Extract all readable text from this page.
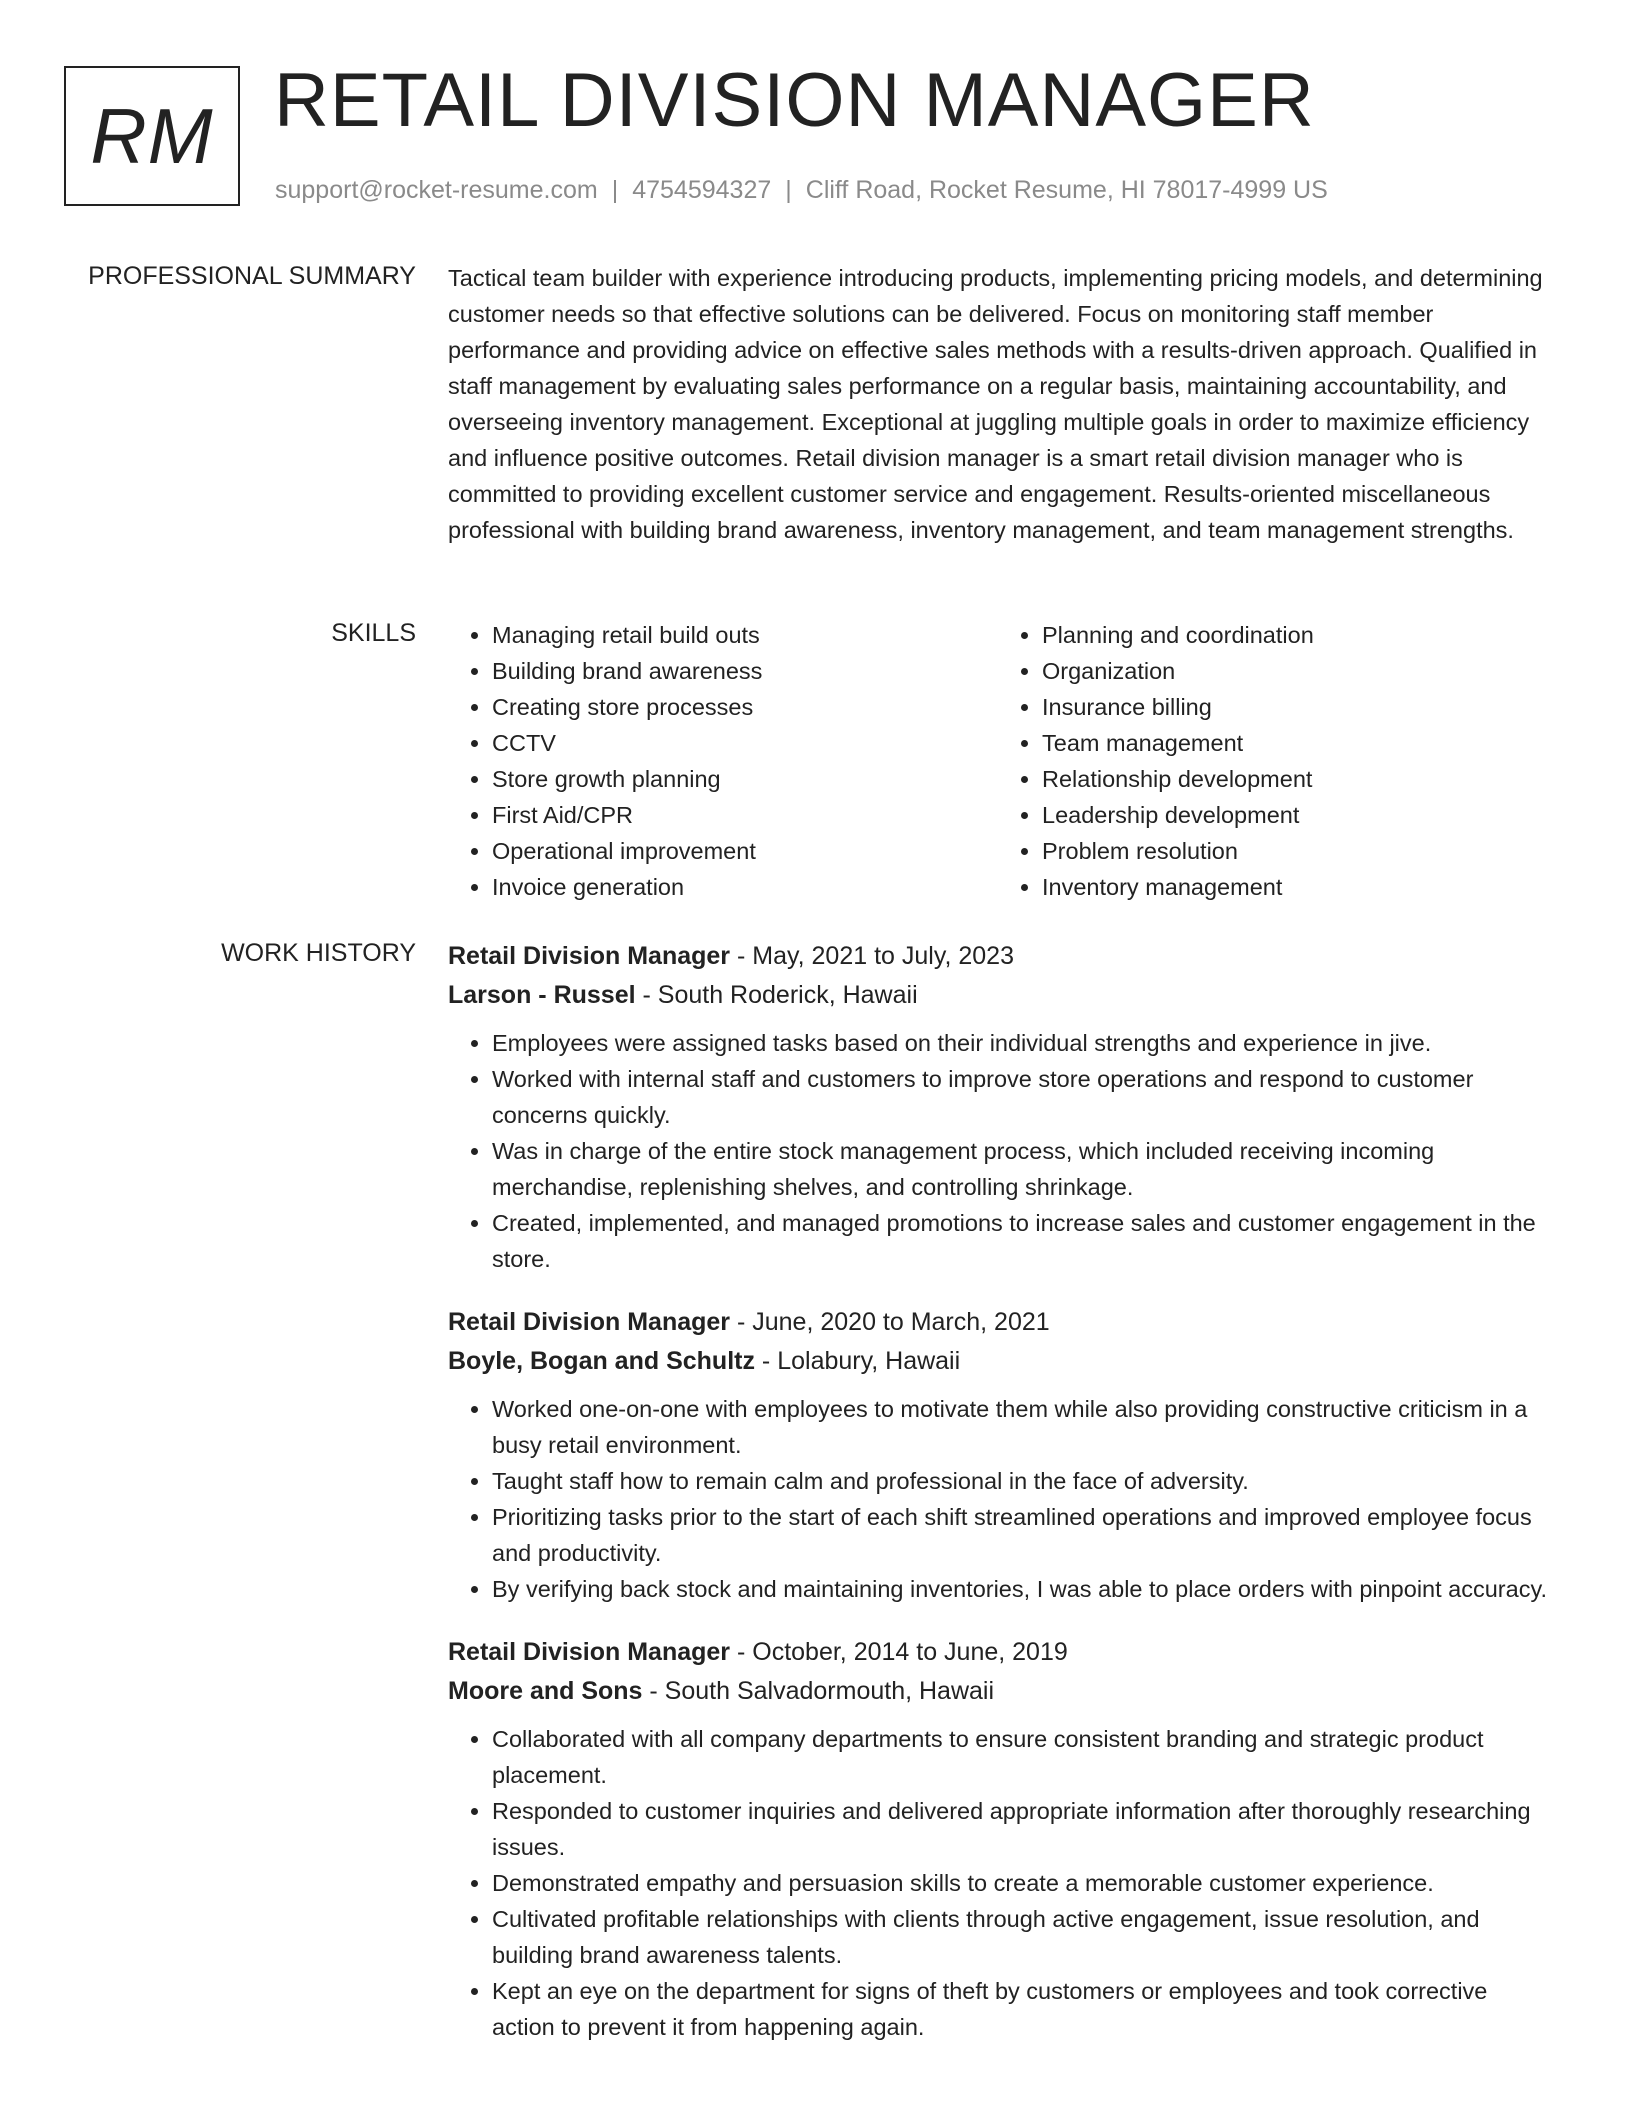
RM RETAIL DIVISION MANAGER
support@rocket-resume.com | 4754594327 | Cliff Road, Rocket Resume, HI 78017-4999 US
PROFESSIONAL SUMMARY Tactical team builder with experience introducing products, implementing pricing models, and determining customer needs so that effective solutions can be delivered. Focus on monitoring staff member performance and providing advice on effective sales methods with a results-driven approach. Qualified in staff management by evaluating sales performance on a regular basis, maintaining accountability, and overseeing inventory management. Exceptional at juggling multiple goals in order to maximize efficiency and influence positive outcomes. Retail division manager is a smart retail division manager who is committed to providing excellent customer service and engagement. Results-oriented miscellaneous professional with building brand awareness, inventory management, and team management strengths.

SKILLS
•	Managing retail build outs
• Building brand awareness
• Creating store processes
• CCTV
• Store growth planning
• First Aid/CPR
• Operational improvement
• Invoice generation
• Planning and coordination
• Organization
• Insurance billing
• Team management
• Relationship development
• Leadership development
• Problem resolution
• Inventory management
WORK HISTORY Retail Division Manager - May, 2021 to July, 2023
Larson - Russel - South Roderick, Hawaii
• Employees were assigned tasks based on their individual strengths and experience in jive.
• Worked with internal staff and customers to improve store operations and respond to customer concerns quickly.
• Was in charge of the entire stock management process, which included receiving incoming merchandise, replenishing shelves, and controlling shrinkage.
• Created, implemented, and managed promotions to increase sales and customer engagement in the store.
Retail Division Manager - June, 2020 to March, 2021
Boyle, Bogan and Schultz - Lolabury, Hawaii
• Worked one-on-one with employees to motivate them while also providing constructive criticism in a busy retail environment.
• Taught staff how to remain calm and professional in the face of adversity.
• Prioritizing tasks prior to the start of each shift streamlined operations and improved employee focus and productivity.
• By verifying back stock and maintaining inventories, I was able to place orders with pinpoint accuracy.
Retail Division Manager - October, 2014 to June, 2019
Moore and Sons - South Salvadormouth, Hawaii
• Collaborated with all company departments to ensure consistent branding and strategic product placement.
• Responded to customer inquiries and delivered appropriate information after thoroughly researching issues.
• Demonstrated empathy and persuasion skills to create a memorable customer experience.
• Cultivated profitable relationships with clients through active engagement, issue resolution, and building brand awareness talents.
• Kept an eye on the department for signs of theft by customers or employees and took corrective action to prevent it from happening again.
